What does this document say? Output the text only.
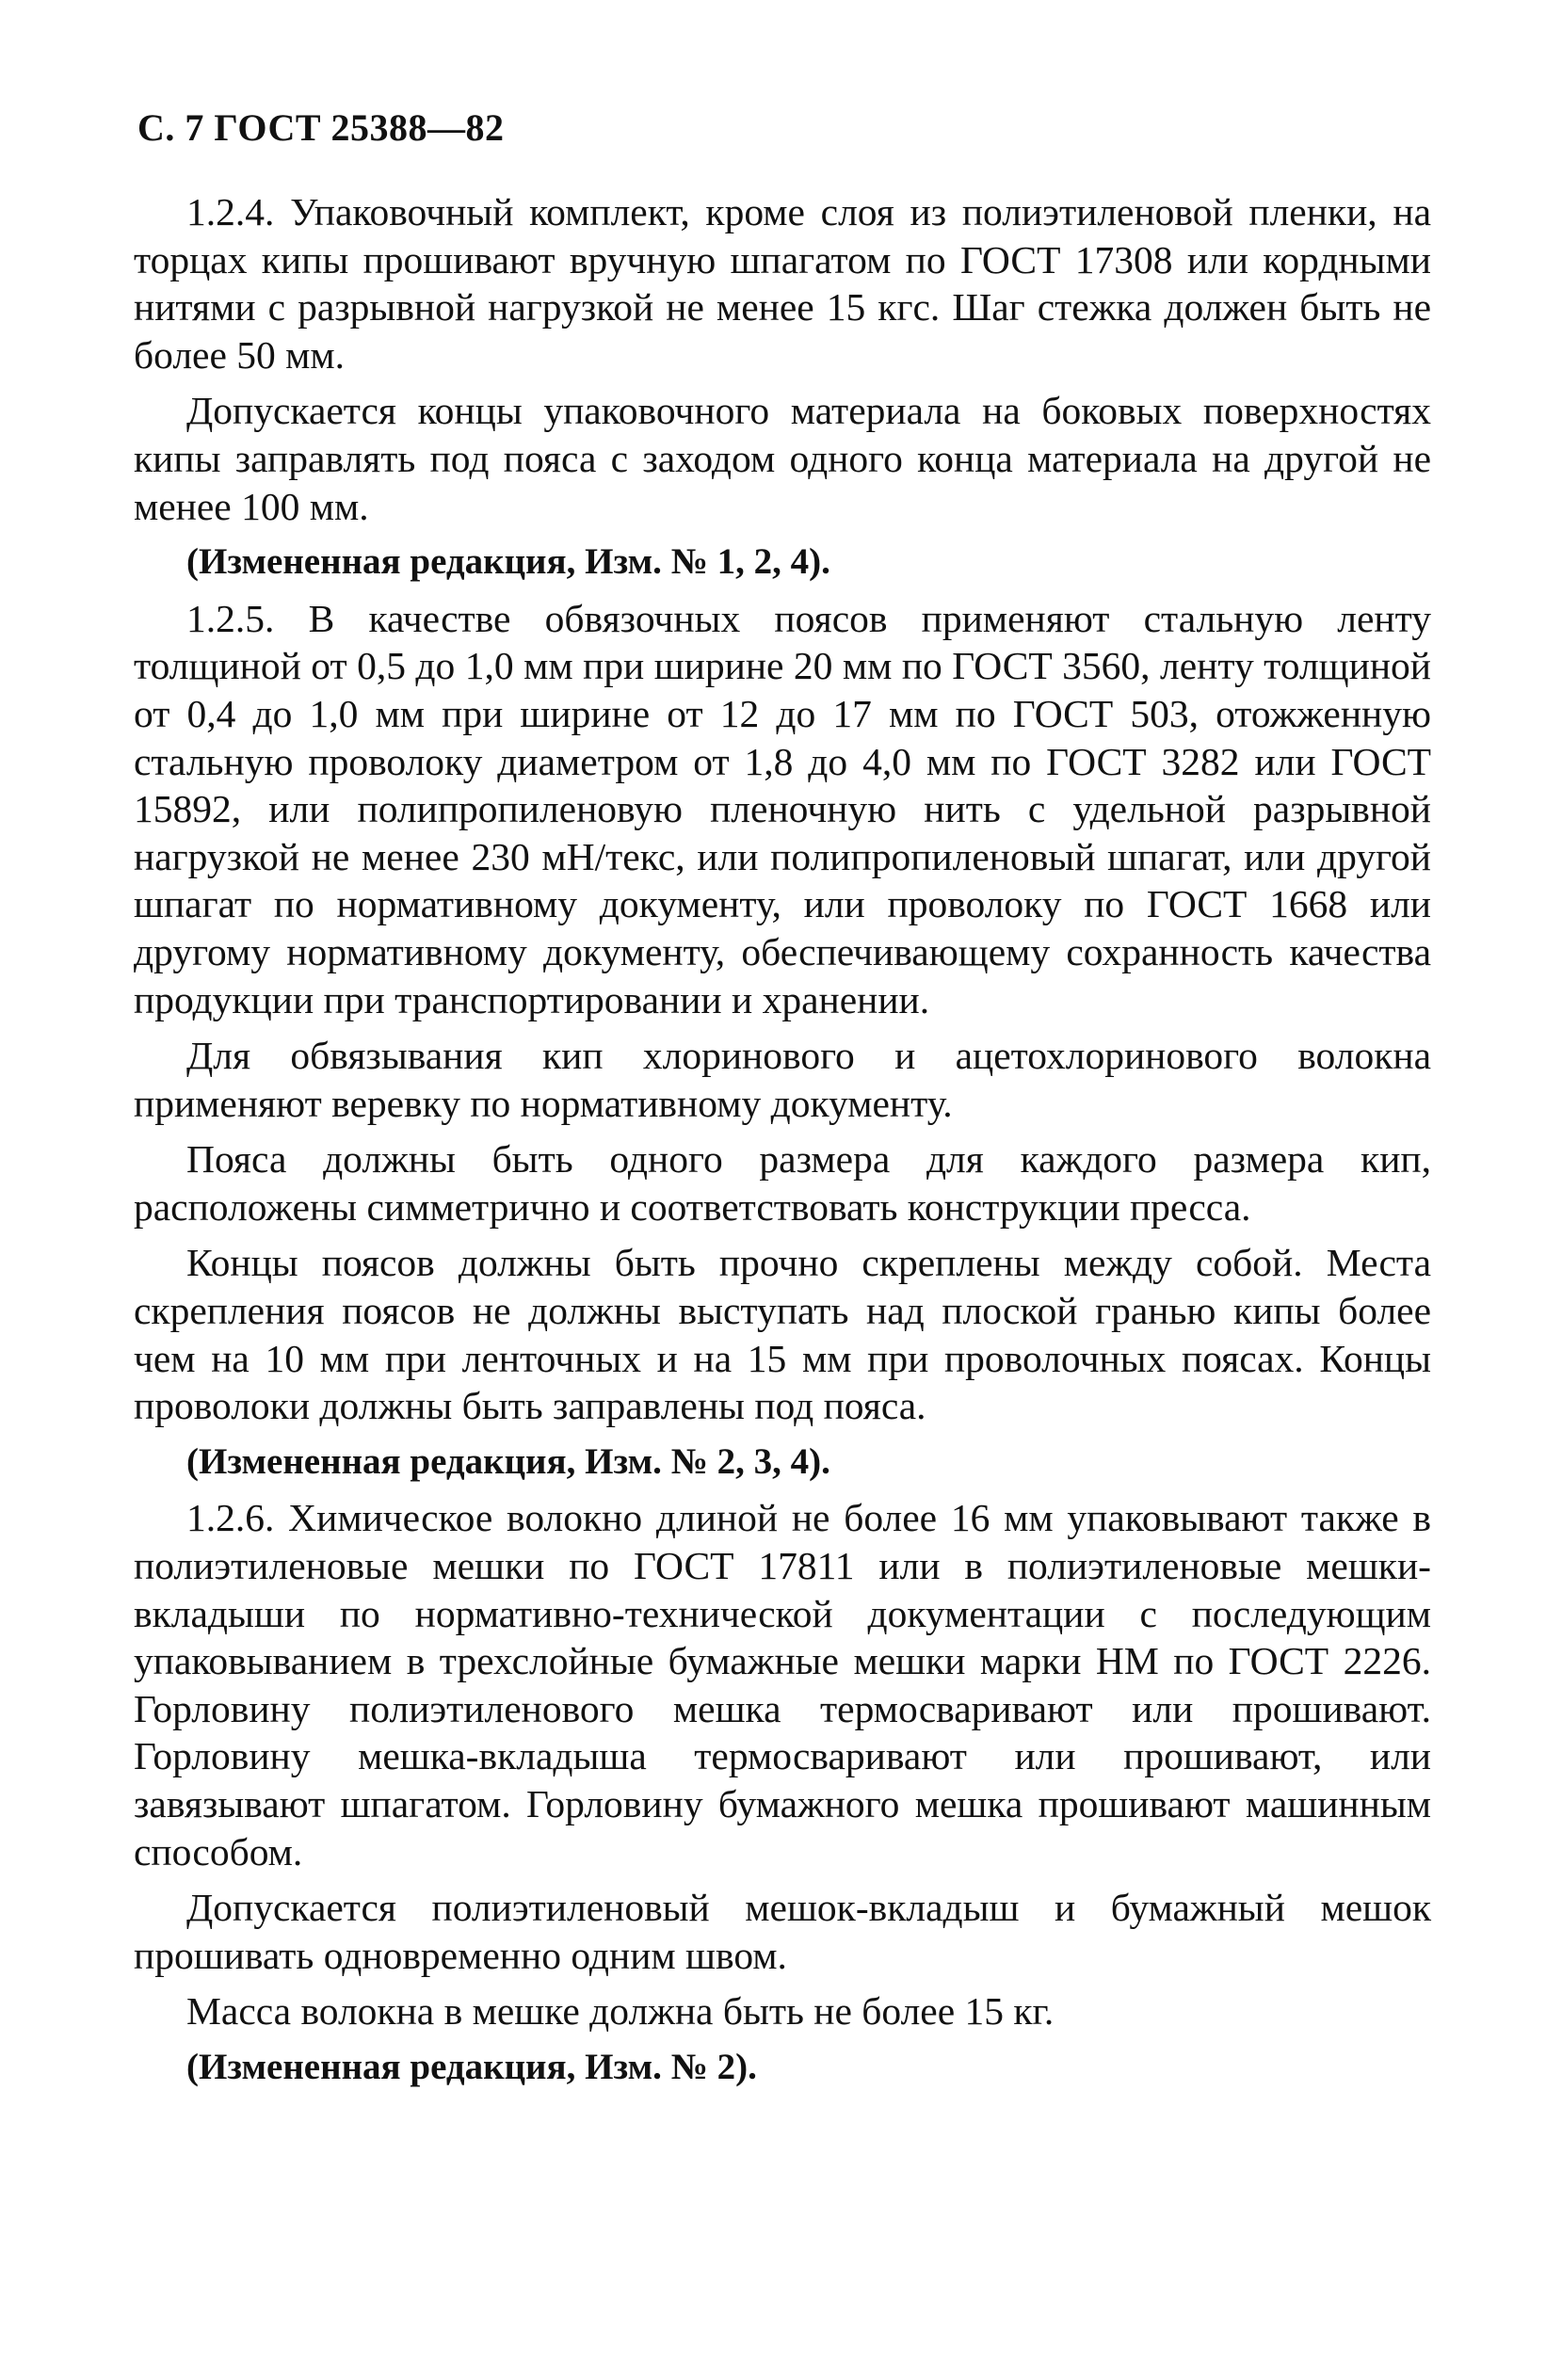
С. 7 ГОСТ 25388—82

1.2.4. Упаковочный комплект, кроме слоя из полиэтиленовой пленки, на торцах кипы прошивают вручную шпагатом по ГОСТ 17308 или кордными нитями с разрывной нагрузкой не менее 15 кгс. Шаг стежка должен быть не более 50 мм.

Допускается концы упаковочного материала на боковых поверхностях кипы заправлять под пояса с заходом одного конца материала на другой не менее 100 мм.

(Измененная редакция, Изм. № 1, 2, 4).

1.2.5. В качестве обвязочных поясов применяют стальную ленту толщиной от 0,5 до 1,0 мм при ширине 20 мм по ГОСТ 3560, ленту толщиной от 0,4 до 1,0 мм при ширине от 12 до 17 мм по ГОСТ 503, отожженную стальную проволоку диаметром от 1,8 до 4,0 мм по ГОСТ 3282 или ГОСТ 15892, или полипропиленовую пленочную нить с удельной разрывной нагрузкой не менее 230 мН/текс, или полипропиленовый шпагат, или другой шпагат по нормативному документу, или проволоку по ГОСТ 1668 или другому нормативному документу, обеспечивающему сохранность качества продукции при транспортировании и хранении.

Для обвязывания кип хлоринового и ацетохлоринового волокна применяют веревку по нормативному документу.

Пояса должны быть одного размера для каждого размера кип, расположены симметрично и соответствовать конструкции пресса.

Концы поясов должны быть прочно скреплены между собой. Места скрепления поясов не должны выступать над плоской гранью кипы более чем на 10 мм при ленточных и на 15 мм при проволочных поясах. Концы проволоки должны быть заправлены под пояса.

(Измененная редакция, Изм. № 2, 3, 4).

1.2.6. Химическое волокно длиной не более 16 мм упаковывают также в полиэтиленовые мешки по ГОСТ 17811 или в полиэтиленовые мешки-вкладыши по нормативно-технической документации с последующим упаковыванием в трехслойные бумажные мешки марки НМ по ГОСТ 2226. Горловину полиэтиленового мешка термосваривают или прошивают. Горловину мешка-вкладыша термосваривают или прошивают, или завязывают шпагатом. Горловину бумажного мешка прошивают машинным способом.

Допускается полиэтиленовый мешок-вкладыш и бумажный мешок прошивать одновременно одним швом.

Масса волокна в мешке должна быть не более 15 кг.

(Измененная редакция, Изм. № 2).
